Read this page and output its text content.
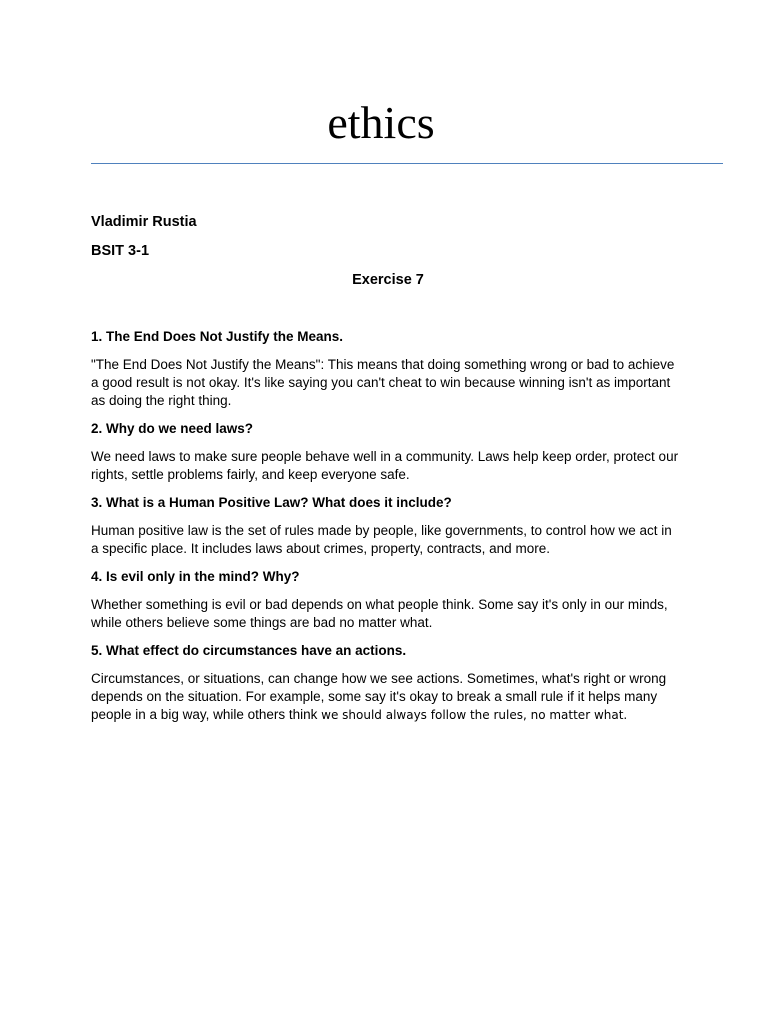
ethics

Vladimir Rustia

BSIT 3-1

Exercise 7

1. The End Does Not Justify the Means.

"The End Does Not Justify the Means": This means that doing something wrong or bad to achieve a good result is not okay. It's like saying you can't cheat to win because winning isn't as important as doing the right thing.

2. Why do we need laws?

We need laws to make sure people behave well in a community. Laws help keep order, protect our rights, settle problems fairly, and keep everyone safe.

3. What is a Human Positive Law? What does it include?

Human positive law is the set of rules made by people, like governments, to control how we act in a specific place. It includes laws about crimes, property, contracts, and more.

4. Is evil only in the mind? Why?

Whether something is evil or bad depends on what people think. Some say it's only in our minds, while others believe some things are bad no matter what.

5. What effect do circumstances have an actions.

Circumstances, or situations, can change how we see actions. Sometimes, what's right or wrong depends on the situation. For example, some say it's okay to break a small rule if it helps many people in a big way, while others think we should always follow the rules, no matter what.
